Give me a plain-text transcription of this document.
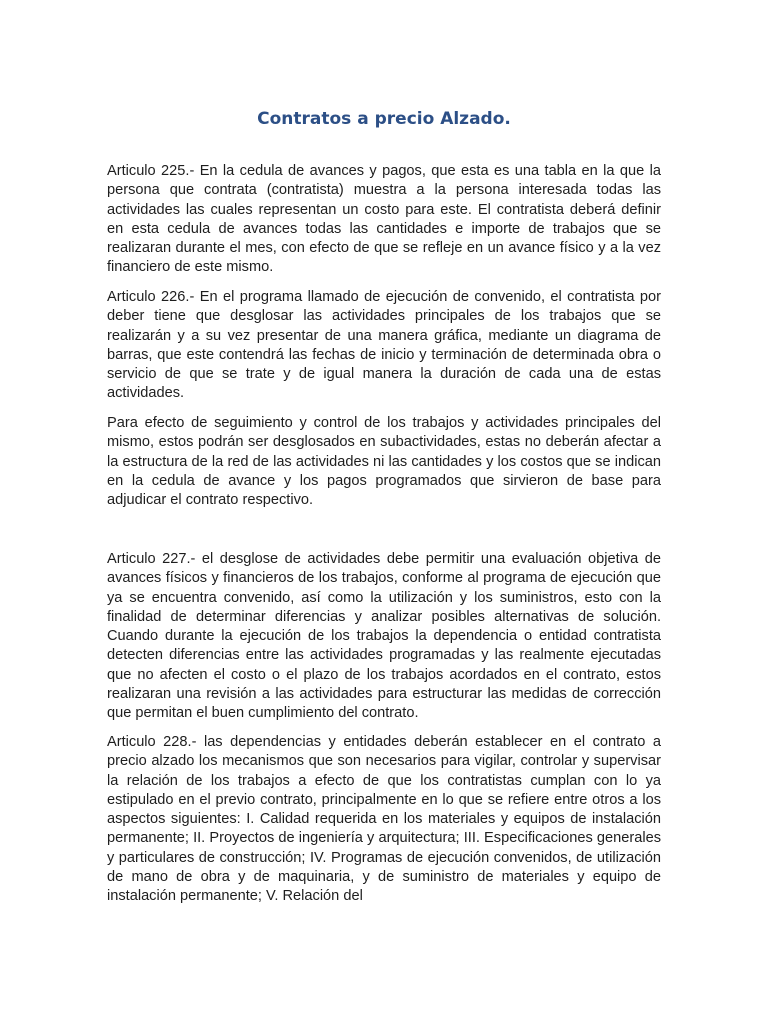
Contratos a precio Alzado.

Articulo 225.- En la cedula de avances y pagos, que esta es una tabla en la que la persona que contrata (contratista) muestra a la persona interesada todas las actividades las cuales representan un costo para este. El contratista deberá definir en esta cedula de avances todas las cantidades e importe de trabajos que se realizaran durante el mes, con efecto de que se refleje en un avance físico y a la vez financiero de este mismo.

Articulo 226.- En el programa llamado de ejecución de convenido, el contratista por deber tiene que desglosar las actividades principales de los trabajos que se realizarán y a su vez presentar de una manera gráfica, mediante un diagrama de barras, que este contendrá las fechas de inicio y terminación de determinada obra o servicio de que se trate y de igual manera la duración de cada una de estas actividades.

Para efecto de seguimiento y control de los trabajos y actividades principales del mismo, estos podrán ser desglosados en subactividades, estas no deberán afectar a la estructura de la red de las actividades ni las cantidades y los costos que se indican en la cedula de avance y los pagos programados que sirvieron de base para adjudicar el contrato respectivo.

Articulo 227.- el desglose de actividades debe permitir una evaluación objetiva de avances físicos y financieros de los trabajos, conforme al programa de ejecución que ya se encuentra convenido, así como la utilización y los suministros, esto con la finalidad de determinar diferencias y analizar posibles alternativas de solución. Cuando durante la ejecución de los trabajos la dependencia o entidad contratista detecten diferencias entre las actividades programadas y las realmente ejecutadas que no afecten el costo o el plazo de los trabajos acordados en el contrato, estos realizaran una revisión a las actividades para estructurar las medidas de corrección que permitan el buen cumplimiento del contrato.

Articulo 228.- las dependencias y entidades deberán establecer en el contrato a precio alzado los mecanismos que son necesarios para vigilar, controlar y supervisar la relación de los trabajos a efecto de que los contratistas cumplan con lo ya estipulado en el previo contrato, principalmente en lo que se refiere entre otros a los aspectos siguientes: I. Calidad requerida en los materiales y equipos de instalación permanente; II. Proyectos de ingeniería y arquitectura; III. Especificaciones generales y particulares de construcción; IV. Programas de ejecución convenidos, de utilización de mano de obra y de maquinaria, y de suministro de materiales y equipo de instalación permanente; V. Relación del
